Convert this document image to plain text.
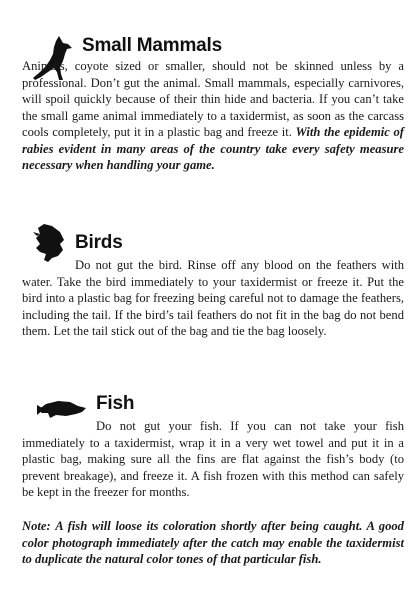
Small Mammals

Animals, coyote sized or smaller, should not be skinned unless by a professional. Don’t gut the animal. Small mammals, especially carnivores, will spoil quickly because of their thin hide and bacteria. If you can’t take the small game animal immediately to a taxidermist, as soon as the carcass cools completely, put it in a plastic bag and freeze it. With the epidemic of rabies evident in many areas of the country take every safety measure necessary when handling your game.

Birds

Do not gut the bird. Rinse off any blood on the feathers with water. Take the bird immediately to your taxidermist or freeze it. Put the bird into a plastic bag for freezing being careful not to damage the feathers, including the tail. If the bird’s tail feathers do not fit in the bag do not bend them. Let the tail stick out of the bag and tie the bag loosely.

Fish

Do not gut your fish. If you can not take your fish immediately to a taxidermist, wrap it in a very wet towel and put it in a plastic bag, making sure all the fins are flat against the fish’s body (to prevent breakage), and freeze it. A fish frozen with this method can safely be kept in the freezer for months.

Note: A fish will loose its coloration shortly after being caught. A good color photograph immediately after the catch may enable the taxidermist to duplicate the natural color tones of that particular fish.
